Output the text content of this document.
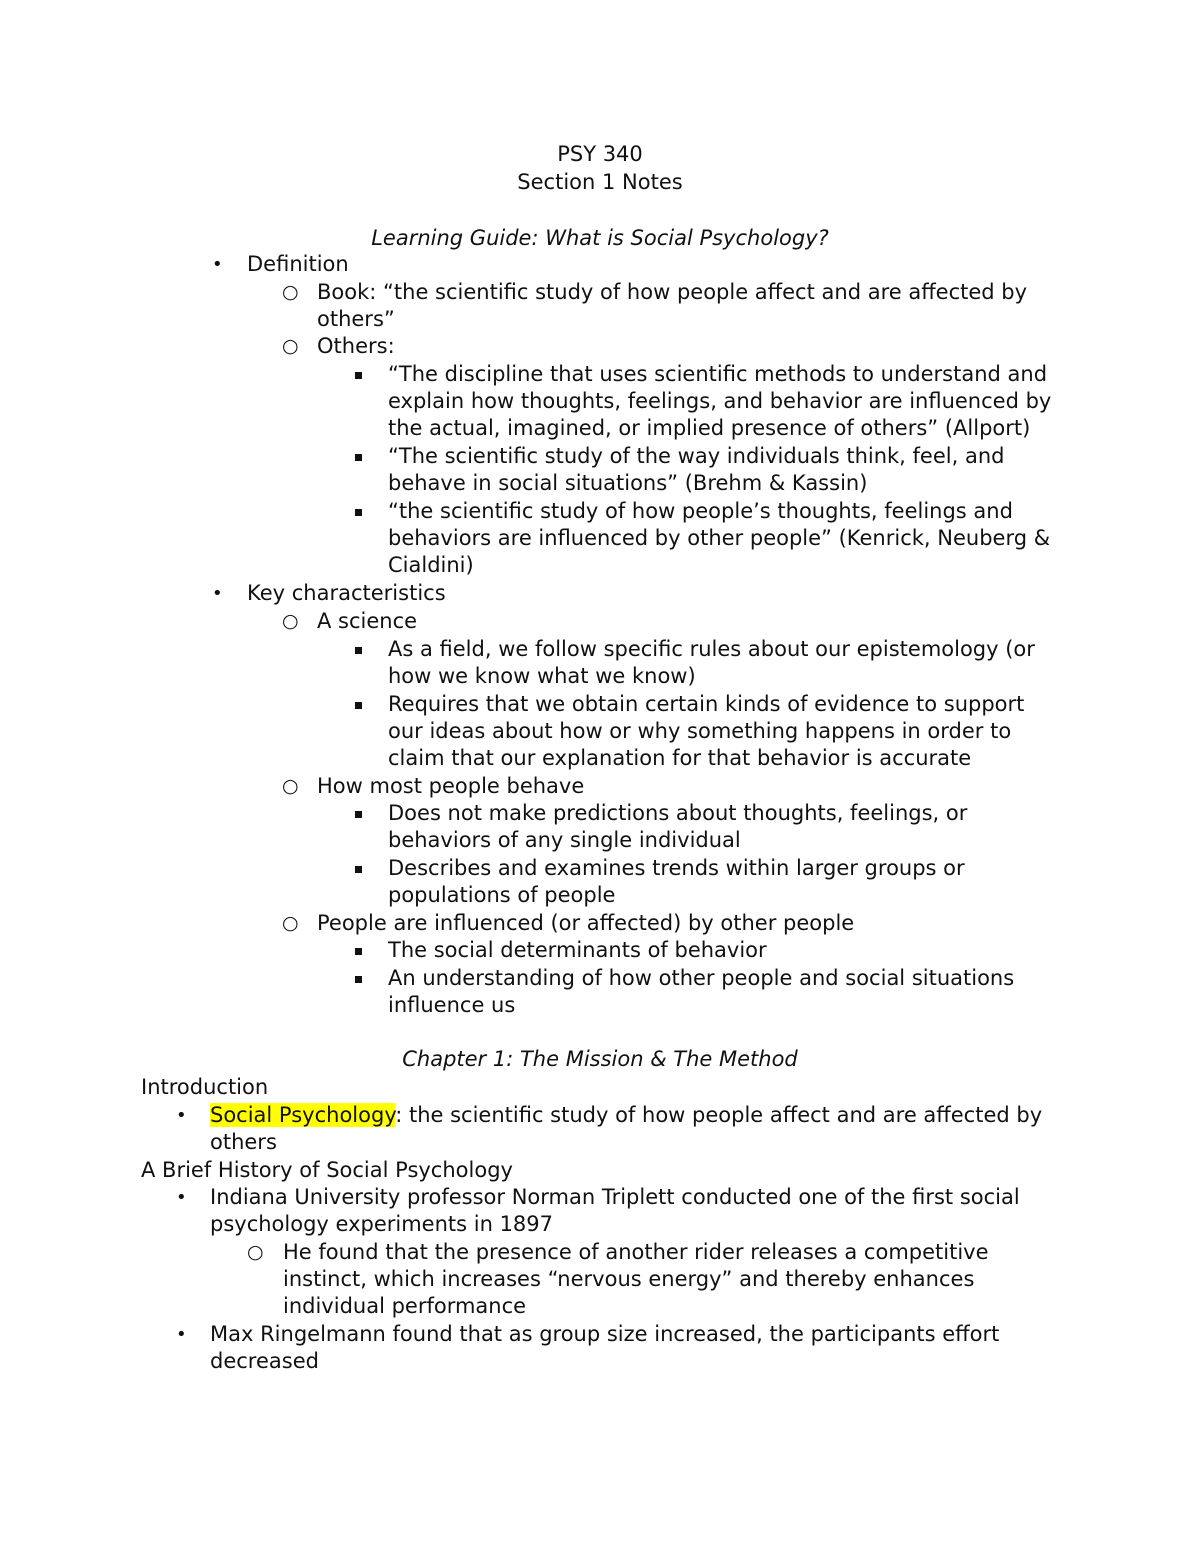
PSY 340
Section 1 Notes
Learning Guide: What is Social Psychology?
• Definition
○ Book: “the scientific study of how people affect and are affected by
others”
○ Others:
“The discipline that uses scientific methods to understand and
explain how thoughts, feelings, and behavior are influenced by
the actual, imagined, or implied presence of others” (Allport)
“The scientific study of the way individuals think, feel, and
behave in social situations” (Brehm & Kassin)
“the scientific study of how people’s thoughts, feelings and
behaviors are influenced by other people” (Kenrick, Neuberg &
Cialdini)
• Key characteristics
○ A science
As a field, we follow specific rules about our epistemology (or
how we know what we know)
Requires that we obtain certain kinds of evidence to support
our ideas about how or why something happens in order to
claim that our explanation for that behavior is accurate
○ How most people behave
Does not make predictions about thoughts, feelings, or
behaviors of any single individual
Describes and examines trends within larger groups or
populations of people
○ People are influenced (or affected) by other people
The social determinants of behavior
An understanding of how other people and social situations
influence us
Chapter 1: The Mission & The Method
Introduction
• Social Psychology: the scientific study of how people affect and are affected by
others
A Brief History of Social Psychology
• Indiana University professor Norman Triplett conducted one of the first social
psychology experiments in 1897
○ He found that the presence of another rider releases a competitive
instinct, which increases “nervous energy” and thereby enhances
individual performance
• Max Ringelmann found that as group size increased, the participants effort
decreased
